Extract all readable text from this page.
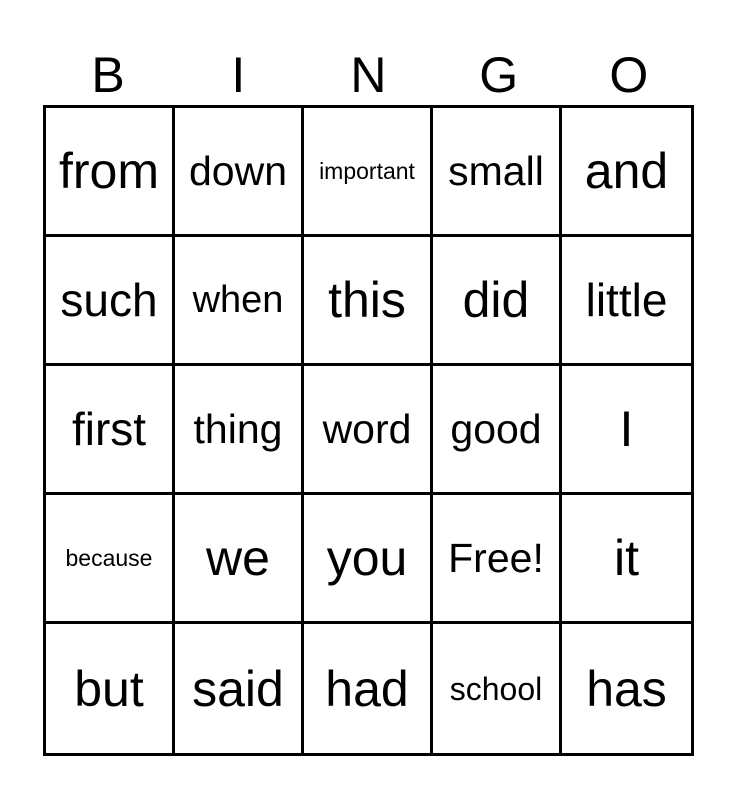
B	I	N	G	O
from down important small and
such when this did little
first thing word good I
because we you Free! it
but said had school has
